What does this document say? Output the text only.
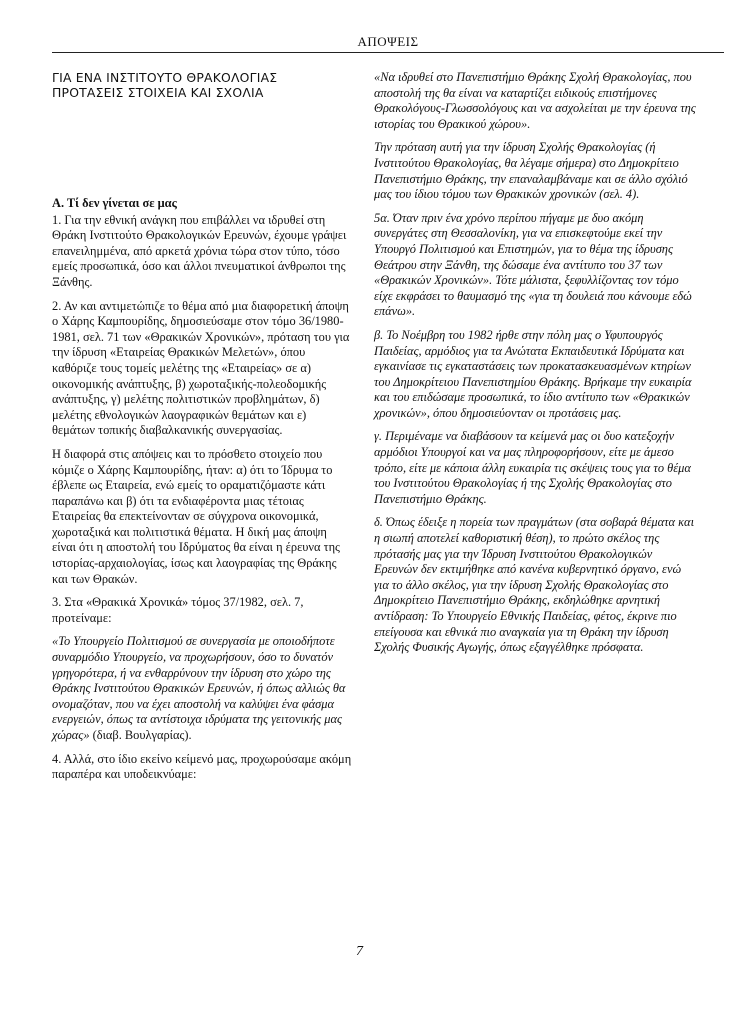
ΑΠΟΨΕΙΣ
ΓΙΑ ΕΝΑ ΙΝΣΤΙΤΟΥΤΟ ΘΡΑΚΟΛΟΓΙΑΣ
ΠΡΟΤΑΣΕΙΣ ΣΤΟΙΧΕΙΑ ΚΑΙ ΣΧΟΛΙΑ
Α. Τί δεν γίνεται σε μας

1. Για την εθνική ανάγκη που επιβάλλει να ιδρυθεί στη Θράκη Ινστιτούτο Θρακολογικών Ερευνών, έχουμε γράψει επανειλημμένα, από αρκετά χρόνια τώρα στον τύπο, τόσο εμείς προσωπικά, όσο και άλλοι πνευματικοί άνθρωποι της Ξάνθης.

2. Αν και αντιμετώπιζε το θέμα από μια διαφορετική άποψη ο Χάρης Καμπουρίδης, δημοσιεύσαμε στον τόμο 36/1980-1981, σελ. 71 των «Θρακικών Χρονικών», πρόταση του για την ίδρυση «Εταιρείας Θρακικών Μελετών», όπου καθόριζε τους τομείς μελέτης της «Εταιρείας» σε α) οικονομικής ανάπτυξης, β) χωροταξικής-πολεοδομικής ανάπτυξης, γ) μελέτης πολιτιστικών προβλημάτων, δ) μελέτης εθνολογικών λαογραφικών θεμάτων και ε) θεμάτων τοπικής διαβαλκανικής συνεργασίας.

Η διαφορά στις απόψεις και το πρόσθετο στοιχείο που κόμιζε ο Χάρης Καμπουρίδης, ήταν: α) ότι το Ίδρυμα το έβλεπε ως Εταιρεία, ενώ εμείς το οραματιζόμαστε κάτι παραπάνω και β) ότι τα ενδιαφέροντα μιας τέτοιας Εταιρείας θα επεκτείνονταν σε σύγχρονα οικονομικά, χωροταξικά και πολιτιστικά θέματα. Η δική μας άποψη είναι ότι η αποστολή του Ιδρύματος θα είναι η έρευνα της ιστορίας-αρχαιολογίας, ίσως και λαογραφίας της Θράκης και των Θρακών.

3. Στα «Θρακικά Χρονικά» τόμος 37/1982, σελ. 7, προτείναμε:

«Το Υπουργείο Πολιτισμού σε συνεργασία με οποιοδήποτε συναρμόδιο Υπουργείο, να προχωρήσουν, όσο το δυνατόν γρηγορότερα, ή να ενθαρρύνουν την ίδρυση στο χώρο της Θράκης Ινστιτούτου Θρακικών Ερευνών, ή όπως αλλιώς θα ονομαζόταν, που να έχει αποστολή να καλύψει ένα φάσμα ενεργειών, όπως τα αντίστοιχα ιδρύματα της γειτονικής μας χώρας» (διαβ. Βουλγαρίας).

4. Αλλά, στο ίδιο εκείνο κείμενό μας, προχωρούσαμε ακόμη παραπέρα και υποδεικνύαμε:

«Να ιδρυθεί στο Πανεπιστήμιο Θράκης Σχολή Θρακολογίας, που αποστολή της θα είναι να καταρτίζει ειδικούς επιστήμονες Θρακολόγους-Γλωσσολόγους και να ασχολείται με την έρευνα της ιστορίας του Θρακικού χώρου».

Την πρόταση αυτή για την ίδρυση Σχολής Θρακολογίας (ή Ινστιτούτου Θρακολογίας, θα λέγαμε σήμερα) στο Δημοκρίτειο Πανεπιστήμιο Θράκης, την επαναλαμβάναμε και σε άλλο σχόλιό μας του ίδιου τόμου των Θρακικών χρονικών (σελ. 4).

5α. Όταν πριν ένα χρόνο περίπου πήγαμε με δυο ακόμη συνεργάτες στη Θεσσαλονίκη, για να επισκεφτούμε εκεί την Υπουργό Πολιτισμού και Επιστημών, για το θέμα της ίδρυσης Θεάτρου στην Ξάνθη, της δώσαμε ένα αντίτυπο του 37 των «Θρακικών Χρονικών». Τότε μάλιστα, ξεφυλλίζοντας τον τόμο είχε εκφράσει το θαυμασμό της «για τη δουλειά που κάνουμε εδώ επάνω».

β. Το Νοέμβρη του 1982 ήρθε στην πόλη μας ο Υφυπουργός Παιδείας, αρμόδιος για τα Ανώτατα Εκπαιδευτικά Ιδρύματα και εγκαινίασε τις εγκαταστάσεις των προκατασκευασμένων κτηρίων του Δημοκρίτειου Πανεπιστημίου Θράκης. Βρήκαμε την ευκαιρία και του επιδώσαμε προσωπικά, το ίδιο αντίτυπο των «Θρακικών χρονικών», όπου δημοσιεύονταν οι προτάσεις μας.

γ. Περιμέναμε να διαβάσουν τα κείμενά μας οι δυο κατεξοχήν αρμόδιοι Υπουργοί και να μας πληροφορήσουν, είτε με άμεσο τρόπο, είτε με κάποια άλλη ευκαιρία τις σκέψεις τους για το θέμα του Ινστιτούτου Θρακολογίας ή της Σχολής Θρακολογίας στο Πανεπιστήμιο Θράκης.

δ. Όπως έδειξε η πορεία των πραγμάτων (στα σοβαρά θέματα και η σιωπή αποτελεί καθοριστική θέση), το πρώτο σκέλος της πρότασής μας για την Ίδρυση Ινστιτούτου Θρακολογικών Ερευνών δεν εκτιμήθηκε από κανένα κυβερνητικό όργανο, ενώ για το άλλο σκέλος, για την ίδρυση Σχολής Θρακολογίας στο Δημοκρίτειο Πανεπιστήμιο Θράκης, εκδηλώθηκε αρνητική αντίδραση: Το Υπουργείο Εθνικής Παιδείας, φέτος, έκρινε πιο επείγουσα και εθνικά πιο αναγκαία για τη Θράκη την ίδρυση Σχολής Φυσικής Αγωγής, όπως εξαγγέλθηκε πρόσφατα.

7
